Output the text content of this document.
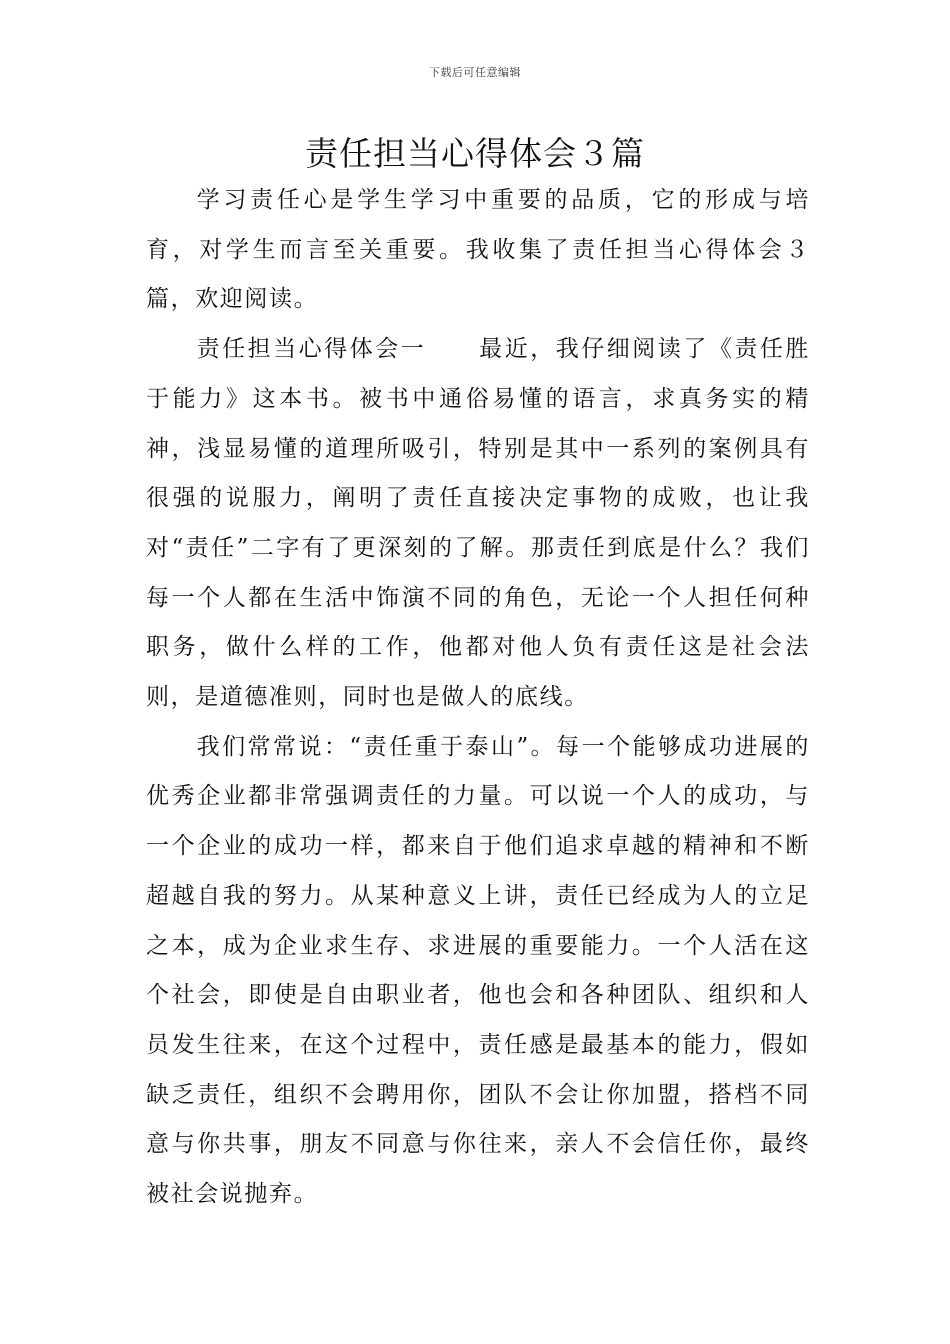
下载后可任意编辑
责任担当心得体会３篇

学习责任心是学生学习中重要的品质，它的形成与培育，对学生而言至关重要。我收集了责任担当心得体会３篇，欢迎阅读。

责任担当心得体会一 最近，我仔细阅读了《责任胜于能力》这本书。被书中通俗易懂的语言，求真务实的精神，浅显易懂的道理所吸引，特别是其中一系列的案例具有很强的说服力，阐明了责任直接决定事物的成败，也让我对“责任”二字有了更深刻的了解。那责任到底是什么？我们每一个人都在生活中饰演不同的角色，无论一个人担任何种职务，做什么样的工作，他都对他人负有责任这是社会法则，是道德准则，同时也是做人的底线。

我们常常说：“责任重于泰山”。每一个能够成功进展的优秀企业都非常强调责任的力量。可以说一个人的成功，与一个企业的成功一样，都来自于他们追求卓越的精神和不断超越自我的努力。从某种意义上讲，责任已经成为人的立足之本，成为企业求生存、求进展的重要能力。一个人活在这个社会，即使是自由职业者，他也会和各种团队、组织和人员发生往来，在这个过程中，责任感是最基本的能力，假如缺乏责任，组织不会聘用你，团队不会让你加盟，搭档不同意与你共事，朋友不同意与你往来，亲人不会信任你，最终被社会说抛弃。
